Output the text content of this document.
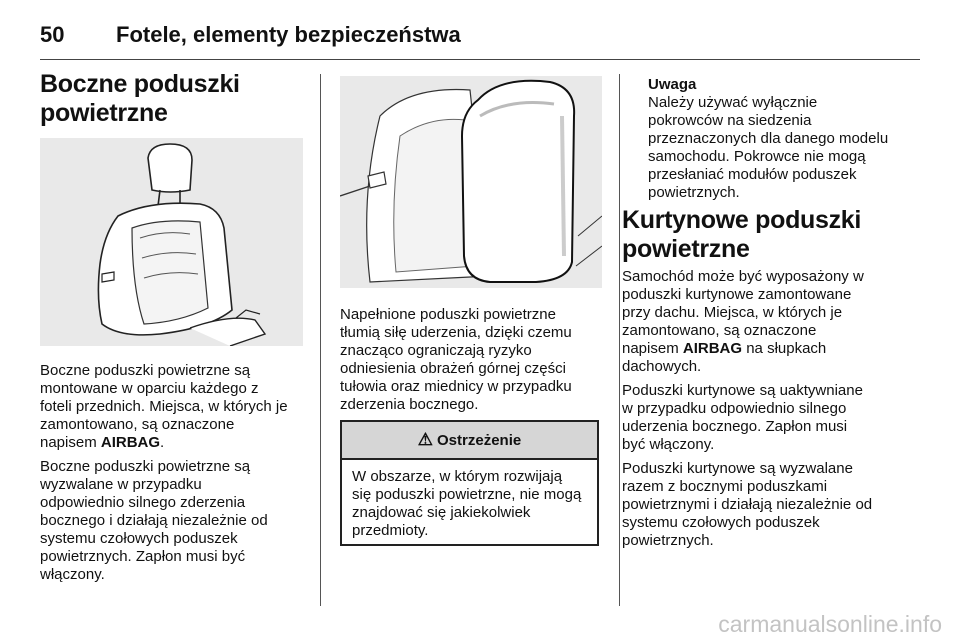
50 Fotele, elementy bezpieczeństwa
Boczne poduszki
powietrzne

Boczne poduszki powietrzne są
montowane w oparciu każdego z
foteli przednich. Miejsca, w których je
zamontowano, są oznaczone
napisem AIRBAG.

Boczne poduszki powietrzne są
wyzwalane w przypadku
odpowiednio silnego zderzenia
bocznego i działają niezależnie od
systemu czołowych poduszek
powietrznych. Zapłon musi być
włączony.

Napełnione poduszki powietrzne
tłumią siłę uderzenia, dzięki czemu
znacząco ograniczają ryzyko
odniesienia obrażeń górnej części
tułowia oraz miednicy w przypadku
zderzenia bocznego.

⚠ Ostrzeżenie
W obszarze, w którym rozwijają
się poduszki powietrzne, nie mogą
znajdować się jakiekolwiek
przedmioty.

Uwaga

Należy używać wyłącznie
pokrowców na siedzenia
przeznaczonych dla danego modelu
samochodu. Pokrowce nie mogą
przesłaniać modułów poduszek
powietrznych.

Kurtynowe poduszki
powietrzne

Samochód może być wyposażony w
poduszki kurtynowe zamontowane
przy dachu. Miejsca, w których je
zamontowano, są oznaczone
napisem AIRBAG na słupkach
dachowych.

Poduszki kurtynowe są uaktywniane
w przypadku odpowiednio silnego
uderzenia bocznego. Zapłon musi
być włączony.

Poduszki kurtynowe są wyzwalane
razem z bocznymi poduszkami
powietrznymi i działają niezależnie od
systemu czołowych poduszek
powietrznych.

carmanualsonline.info
